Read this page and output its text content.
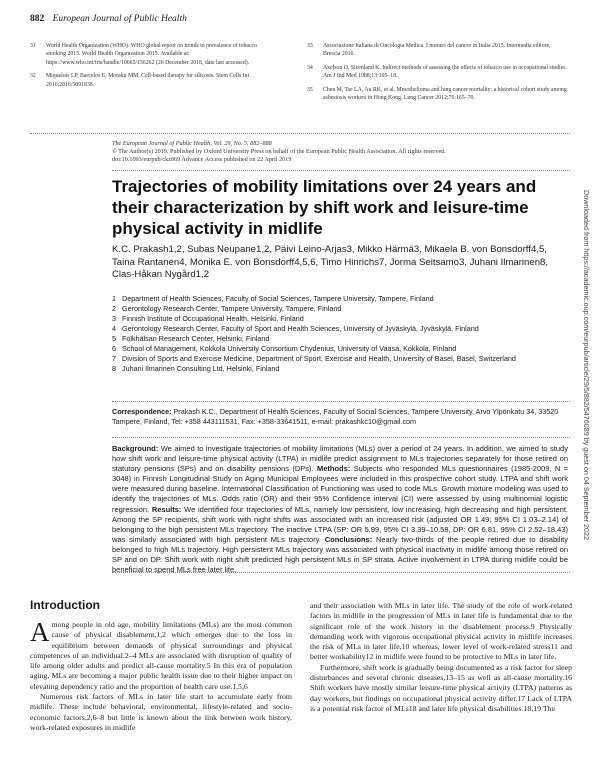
882 European Journal of Public Health
31	World Health Organization (WHO). WHO global report on trends in prevalence of tobacco smoking 2015. World Health Organization 2015. Available at: https://www.who.int/iris/handle/10665/156262 (26 December 2018, date last accessed).
32	Miquelois LP, Barcelos E, Moraku MM. Cell-based therapy for silicosis. Stem Cells Int 2016;2016:5091838.
33	Associazione Italiana di Oncologia Medica. I numeri del cancro in Italia 2015. Intermedia editore, Brescia 2016.
34	Axelson O, Steenland K. Indirect methods of assessing the effects of tobacco use in occupational studies. Am J Ind Med 1988;13:105–18.
35	Chen M, Tse LA, Au RK, et al. Mesothelioma and lung cancer mortality: a historical cohort study among asbestosis workers in Hong Kong. Lung Cancer 2012;76:165–70.
The European Journal of Public Health, Vol. 29, No. 5, 882–888
© The Author(s) 2019. Published by Oxford University Press on behalf of the European Public Health Association. All rights reserved.
doi:10.1093/eurpub/ckz069 Advance Access published on 22 April 2019
Trajectories of mobility limitations over 24 years and their characterization by shift work and leisure-time physical activity in midlife
K.C. Prakash1,2, Subas Neupane1,2, Päivi Leino-Arjas3, Mikko Härmä3, Mikaela B. von Bonsdorff4,5, Taina Rantanen4, Monika E. von Bonsdorff4,5,6, Timo Hinrichs7, Jorma Seitsamo3, Juhani Ilmarinen8, Clas-Håkan Nygård1,2
1 Department of Health Sciences, Faculty of Social Sciences, Tampere University, Tampere, Finland
2 Gerontology Research Center, Tampere University, Tampere, Finland
3 Finnish Institute of Occupational Health, Helsinki, Finland
4 Gerontology Research Center, Faculty of Sport and Health Sciences, University of Jyväskylä, Jyväskylä, Finland
5 Folkhälsan Research Center, Helsinki, Finland
6 School of Management, Kokkola University Consortium Chydenius, University of Vaasa, Kokkola, Finland
7 Division of Sports and Exercise Medicine, Department of Sport, Exercise and Health, University of Basel, Basel, Switzerland
8 Juhani Ilmarinen Consulting Ltd, Helsinki, Finland
Correspondence: Prakash K.C., Department of Health Sciences, Faculty of Social Sciences, Tampere University, Arvo Ylpönkatu 34, 33520 Tampere, Finland, Tel: +358 443111531, Fax: +358-33641511, e-mail: prakashkc10@gmail.com
Background: We aimed to investigate trajectories of mobility limitations (MLs) over a period of 24 years. In addition, we aimed to study how shift work and leisure-time physical activity (LTPA) in midlife predict assignment to MLs trajectories separately for those retired on statutory pensions (SPs) and on disability pensions (DPs). Methods: Subjects who responded MLs questionnaires (1985-2009, N = 3048) in Finnish Longitudinal Study on Aging Municipal Employees were included in this prospective cohort study. LTPA and shift work were measured during baseline. International Classification of Functioning was used to code MLs. Growth mixture modeling was used to identify the trajectories of MLs. Odds ratio (OR) and their 95% Confidence interval (CI) were assessed by using multinomial logistic regression. Results: We identified four trajectories of MLs, namely low persistent, low increasing, high decreasing and high persistent. Among the SP recipients, shift work with night shifts was associated with an increased risk (adjusted OR 1.49; 95% CI 1.03–2.14) of belonging to the high persistent MLs trajectory. The inactive LTPA (SP: OR 5.99, 95% CI 3.39–10.58, DP: OR 6.81, 95% CI 2.52–18.43) was similarly associated with high persistent MLs trajectory. Conclusions: Nearly two-thirds of the people retired due to disability belonged to high MLs trajectory. High persistent MLs trajectory was associated with physical inactivity in midlife among those retired on SP and on DP. Shift work with night shift predicted high persistent MLs in SP strata. Active involvement in LTPA during midlife could be beneficial to spend MLs free later life.
Introduction

Among people in old age, mobility limitations (MLs) are the most common cause of physical disablement,1,2 which emerges due to the loss in equilibrium between demands of physical surroundings and physical competences of an individual.2–4 MLs are associated with disruption of quality of life among older adults and predict all-cause mortality.5 In this era of population aging, MLs are becoming a major public health issue due to their higher impact on elevating dependency ratio and the proportion of health care use.1,5,6

Numerous risk factors of MLs in later life start to accumulate early from midlife. These include behavioral, environmental, lifestyle-related and socio-economic factors,2,6–8 but little is known about the link between work history, work-related exposures in midlife

and their association with MLs in later life. The study of the role of work-related factors in midlife in the progression of MLs in later life is fundamental due to the significant role of the work history in the disablement process.9 Physically demanding work with vigorous occupational physical activity in midlife increases the risk of MLs in later life,10 whereas, lower level of work-related stress11 and better workability12 in midlife were found to be protective to MLs in later life.

Furthermore, shift work is gradually being documented as a risk factor for sleep disturbances and several chronic diseases,13–15 as well as all-cause mortality.16 Shift workers have mostly similar leisure-time physical activity (LTPA) patterns as day workers, but findings on occupational physical activity differ.17 Lack of LTPA is a potential risk factor of MLs18 and later life physical disabilities.18,19 The

Downloaded from https://academic.oup.com/eurpub/article/29/5/882/5476089 by guest on 04 September 2022
